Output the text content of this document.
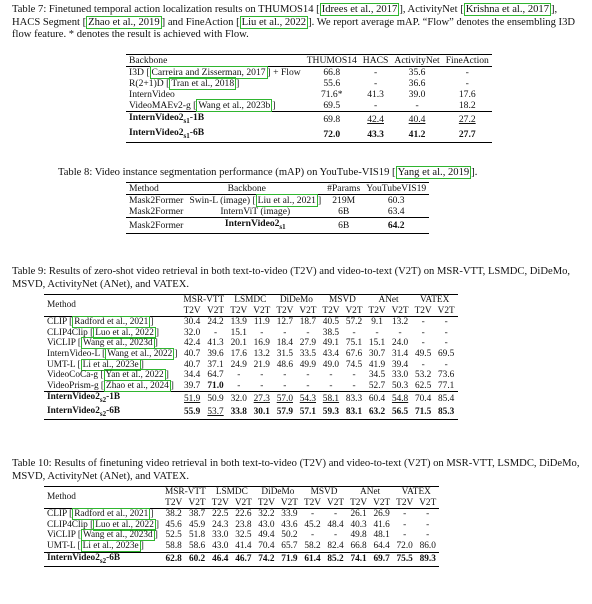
Table 7: Finetuned temporal action localization results on THUMOS14 [ Idrees et al., 2017 ], ActivityNet [ Krishna et al., 2017 ], HACS Segment [ Zhao et al., 2019 ] and FineAction [ Liu et al., 2022 ]. We report average mAP. “Flow” denotes the ensembling I3D flow feature. * denotes the result is achieved with Flow.
Backbone	THUMOS14	HACS	ActivityNet	FineAction
I3D [ Carreira and Zisserman, 2017 ] + Flow	66.8	-	35.6	-
R(2+1)D [ Tran et al., 2018 ]	55.6	-	36.6	-
InternVideo	71.6*	41.3	39.0	17.6
VideoMAEv2-g [ Wang et al., 2023b ]	69.5	-	-	18.2
$InternVideo2_{s1}-1B$	69.8	42.4	40.4	27.2
$InternVideo2_{s1}-6B$	72.0	43.3	41.2	27.7
Table 8: Video instance segmentation performance (mAP) on YouTube-VIS19 [ Yang et al., 2019 ].
Method	Backbone	#Params	YouTubeVIS19
Mask2Former	Swin-L (image) [ Liu et al., 2021 ]	219M	60.3
Mask2Former	InternViT (image)	6B	63.4
Mask2Former	$InternVideo2_{s1}$	6B	64.2
Table 9: Results of zero-shot video retrieval in both text-to-video (T2V) and video-to-text (V2T) on MSR-VTT, LSMDC, DiDeMo, MSVD, ActivityNet (ANet), and VATEX.
Method	MSR-VTT		LSMDC		DiDeMo		MSVD		ANet		VATEX	
	T2V	V2T	T2V	V2T	T2V	V2T	T2V	V2T	T2V	V2T	T2V	V2T
CLIP [ Radford et al., 2021 ]	30.4	24.2	13.9	11.9	12.7	18.7	40.5	57.2	9.1	13.2	-	-
CLIP4Clip [ Luo et al., 2022 ]	32.0	-	15.1	-	-	-	38.5	-	-	-	-	-
ViCLIP [ Wang et al., 2023d ]	42.4	41.3	20.1	16.9	18.4	27.9	49.1	75.1	15.1	24.0	-	-
InternVideo-L [ Wang et al., 2022 ]	40.7	39.6	17.6	13.2	31.5	33.5	43.4	67.6	30.7	31.4	49.5	69.5
UMT-L [ Li et al., 2023e ]	40.7	37.1	24.9	21.9	48.6	49.9	49.0	74.5	41.9	39.4	-	-
VideoCoCa-g [ Yan et al., 2022 ]	34.4	64.7	-	-	-	-	-	-	34.5	33.0	53.2	73.6
VideoPrism-g [ Zhao et al., 2024 ]	39.7	71.0	-	-	-	-	-	-	52.7	50.3	62.5	77.1
$InternVideo2_{s2}-1B$	51.9	50.9	32.0	27.3	57.0	54.3	58.1	83.3	60.4	54.8	70.4	85.4
$InternVideo2_{s2}-6B$	55.9	53.7	33.8	30.1	57.9	57.1	59.3	83.1	63.2	56.5	71.5	85.3
Table 10: Results of finetuning video retrieval in both text-to-video (T2V) and video-to-text (V2T) on MSR-VTT, LSMDC, DiDeMo, MSVD, ActivityNet (ANet), and VATEX.
Method	MSR-VTT		LSMDC		DiDeMo		MSVD		ANet		VATEX	
	T2V	V2T	T2V	V2T	T2V	V2T	T2V	V2T	T2V	V2T	T2V	V2T
CLIP [ Radford et al., 2021 ]	38.2	38.7	22.5	22.6	32.2	33.9	-	-	26.1	26.9	-	-
CLIP4Clip [ Luo et al., 2022 ]	45.6	45.9	24.3	23.8	43.0	43.6	45.2	48.4	40.3	41.6	-	-
ViCLIP [ Wang et al., 2023d ]	52.5	51.8	33.0	32.5	49.4	50.2	-	-	49.8	48.1	-	-
UMT-L [ Li et al., 2023e ]	58.8	58.6	43.0	41.4	70.4	65.7	58.2	82.4	66.8	64.4	72.0	86.0
$InternVideo2_{s2}-6B$	62.8	60.2	46.4	46.7	74.2	71.9	61.4	85.2	74.1	69.7	75.5	89.3
